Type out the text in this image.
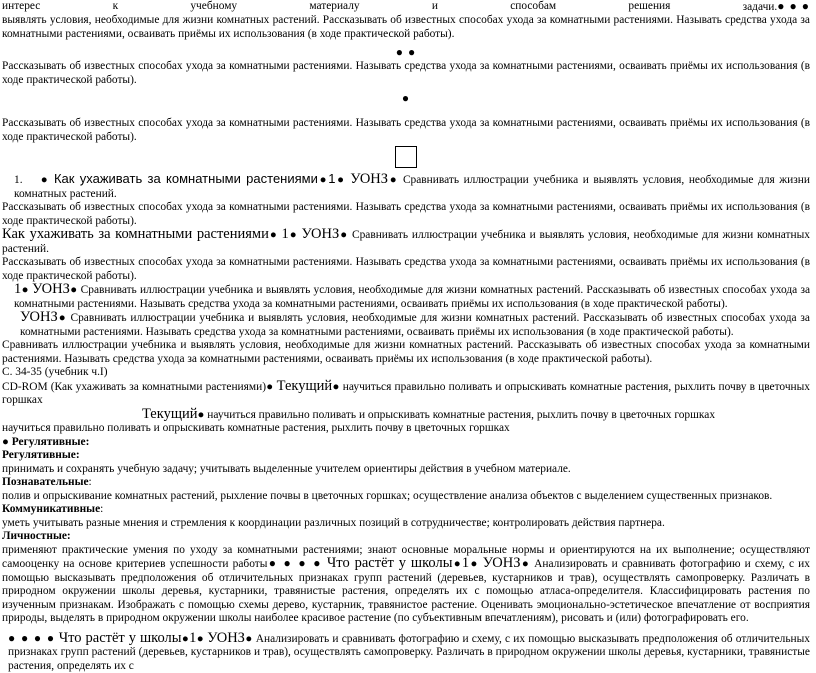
интерес	к	учебному	материалу	и	способам	решения	задачи.● ● ●

выявлять условия, необходимые для жизни комнатных растений. Рассказывать об известных способах ухода за комнатными растениями. Называть средства ухода за комнатными растениями, осваивать приёмы их использования (в ходе практической работы).

● ●

Рассказывать об известных способах ухода за комнатными растениями. Называть средства ухода за комнатными растениями, осваивать приёмы их использования (в ходе практической работы).

●

Рассказывать об известных способах ухода за комнатными растениями. Называть средства ухода за комнатными растениями, осваивать приёмы их использования (в ходе практической работы).

1. ● Как ухаживать за комнатными растениями●1● УОНЗ● Сравнивать иллюстрации учебника и выявлять условия, необходимые для жизни комнатных растений.

Рассказывать об известных способах ухода за комнатными растениями. Называть средства ухода за комнатными растениями, осваивать приёмы их использования (в ходе практической работы).

Как ухаживать за комнатными растениями● 1● УОНЗ● Сравнивать иллюстрации учебника и выявлять условия, необходимые для жизни комнатных растений.

Рассказывать об известных способах ухода за комнатными растениями. Называть средства ухода за комнатными растениями, осваивать приёмы их использования (в ходе практической работы).

1● УОНЗ● Сравнивать иллюстрации учебника и выявлять условия, необходимые для жизни комнатных растений. Рассказывать об известных способах ухода за комнатными растениями. Называть средства ухода за комнатными растениями, осваивать приёмы их использования (в ходе практической работы).

УОНЗ● Сравнивать иллюстрации учебника и выявлять условия, необходимые для жизни комнатных растений. Рассказывать об известных способах ухода за комнатными растениями. Называть средства ухода за комнатными растениями, осваивать приёмы их использования (в ходе практической работы).

Сравнивать иллюстрации учебника и выявлять условия, необходимые для жизни комнатных растений. Рассказывать об известных способах ухода за комнатными растениями. Называть средства ухода за комнатными растениями, осваивать приёмы их использования (в ходе практической работы).

С. 34-35 (учебник ч.I)

CD-ROM (Как ухаживать за комнатными растениями)● Текущий● научиться правильно поливать и опрыскивать комнатные растения, рыхлить почву в цветочных горшках

Текущий● научиться правильно поливать и опрыскивать комнатные растения, рыхлить почву в цветочных горшках

научиться правильно поливать и опрыскивать комнатные растения, рыхлить почву в цветочных горшках

● Регулятивные:

Регулятивные:

принимать и сохранять учебную задачу; учитывать выделенные учителем ориентиры действия в учебном материале.

Познавательные:

полив и опрыскивание комнатных растений, рыхление почвы в цветочных горшках; осуществление анализа объектов с выделением существенных признаков.

Коммуникативные:

уметь учитывать разные мнения и стремления к координации различных позиций в сотрудничестве; контролировать действия партнера.

Личностные:

применяют практические умения по уходу за комнатными растениями; знают основные моральные нормы и ориентируются на их выполнение; осуществляют самооценку на основе критериев успешности работы● ● ● ● Что растёт у школы●1● УОНЗ● Анализировать и сравнивать фотографию и схему, с их помощью высказывать предположения об отличительных признаках групп растений (деревьев, кустарников и трав), осуществлять самопроверку. Различать в природном окружении школы деревья, кустарники, травянистые растения, определять их с помощью атласа-определителя. Классифицировать растения по изученным признакам. Изображать с помощью схемы дерево, кустарник, травянистое растение. Оценивать эмоционально-эстетическое впечатление от восприятия природы, выделять в природном окружении школы наиболее красивое растение (по субъективным впечатлениям), рисовать и (или) фотографировать его.

● ● ● ● Что растёт у школы●1● УОНЗ● Анализировать и сравнивать фотографию и схему, с их помощью высказывать предположения об отличительных признаках групп растений (деревьев, кустарников и трав), осуществлять самопроверку. Различать в природном окружении школы деревья, кустарники, травянистые растения, определять их с
